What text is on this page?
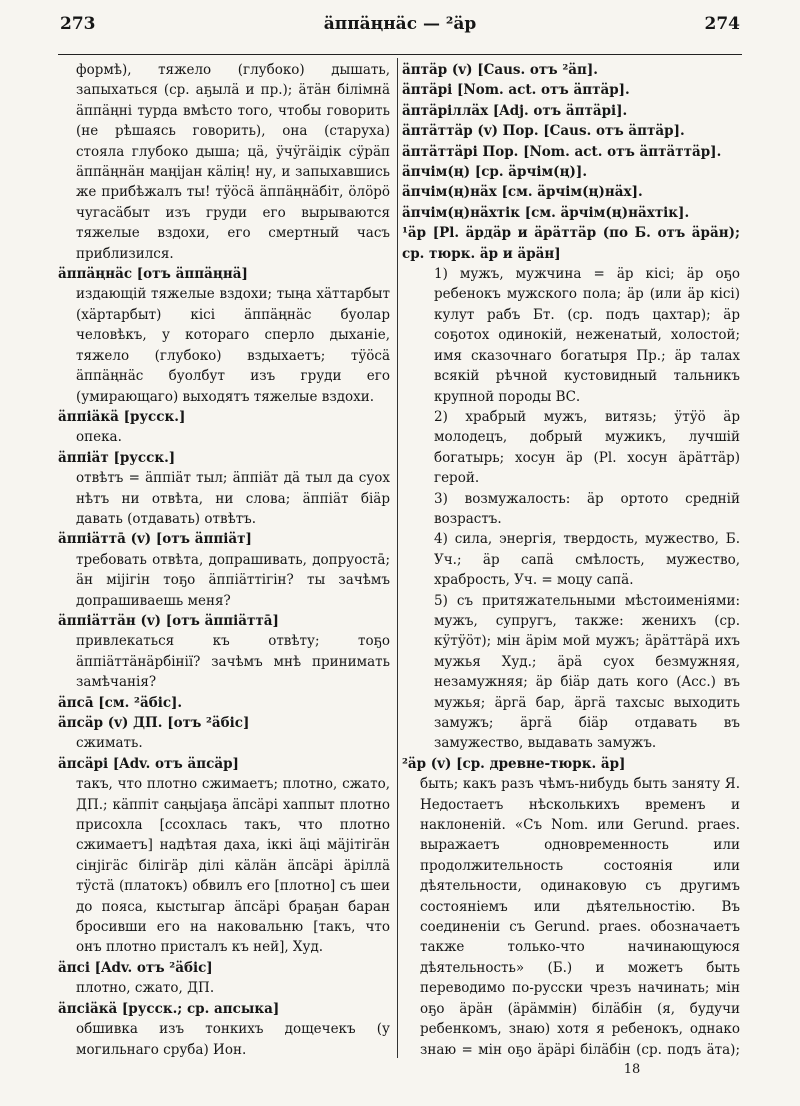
273	äппäңнäс — ²äр	274

формѣ), тяжело (глубоко) дышать, запыхаться (ср. аҕылä и пр.); äтäн бiлiмнä äппäңнi турда вмѣсто того, чтобы говорить (не рѣшаясь говорить), она (старуха) стояла глубоко дыша; цä, ӱчӱгäiдiк сӱрäп äппäңнäн маңiјан кäлiң! ну, и запыхавшись же прибѣжалъ ты! тӱöсä äппäңнäбiт, öлöрö чугасäбыт изъ груди его вырываются тяжелые вздохи, его смертный часъ приблизился.

äппäңнäс [отъ äппäңнä]

издающій тяжелые вздохи; тыңа хäттарбыт (хäртарбыт) кiсi äппäңнäс буолар человѣкъ, у котораго сперло дыханіе, тяжело (глубоко) вздыхаетъ; тӱöсä äппäңнäс буолбут изъ груди его (умирающаго) выходятъ тяжелые вздохи.

äппiäкä [русск.]

опека.

äппiäт [русск.]

отвѣтъ = äппiäт тыл; äппiäт дä тыл да суох нѣтъ ни отвѣта, ни слова; äппiäт бiäр давать (отдавать) отвѣтъ.

äппiäттā (v) [отъ äппiäт]

требовать отвѣта, допрашивать, допруостā; äн мiјiгiн тоҕо äппiäттiгiн? ты зачѣмъ допрашиваешь меня?

äппiäттäн (v) [отъ äппiäттā]

привлекаться къ отвѣту; тоҕо äппiäттäнäрбiнiї? зачѣмъ мнѣ принимать замѣчанія?

äпсā [см. ²äбiс].

äпсäр (v) ДП. [отъ ²äбiс]

сжимать.

äпсäрi [Adv. отъ äпсäр]

такъ, что плотно сжимаетъ; плотно, сжато, ДП.; кäппiт саңыјаҕа äпсäрi хаппыт плотно присохла [ссохлась такъ, что плотно сжимаетъ] надѣтая даха, iккi äцi мäјiтiгäн сiнјiгäс бiлiгäр дiлi кäлäн äпсäрi äрiллä тӱстä (платокъ) обвилъ его [плотно] съ шеи до пояса, кыстыгар äпсäрi браҕан баран бросивши его на наковальню [такъ, что онъ плотно присталъ къ ней], Худ.

äпсi [Adv. отъ ²äбiс]

плотно, сжато, ДП.

äпсiäкä [русск.; ср. апсыка]

обшивка изъ тонкихъ дощечекъ (у могильнаго сруба) Ион.

äптäр (v) [Caus. отъ ²äп].

äптäрi [Nom. act. отъ äптäр].

äптäрiллäх [Adj. отъ äптäрi].

äптäттäр (v) Пор. [Caus. отъ äптäр].

äптäттäрi Пор. [Nom. act. отъ äптäттäр].

äпчiм(ң) [ср. äрчiм(ң)].

äпчiм(ң)нäх [см. äрчiм(ң)нäх].

äпчiм(ң)нäхтiк [см. äрчiм(ң)нäхтiк].

¹äр [Pl. äрдäр и äрäттäр (по Б. отъ äрäн); ср. тюрк. äр и äрäн]

1) мужъ, мужчина = äр кiсi; äр оҕо ребенокъ мужского пола; äр (или äр кiсi) кулут рабъ Бт. (ср. подъ цахтар); äр соҕотох одинокій, неженатый, холостой; имя сказочнаго богатыря Пр.; äр талах всякій рѣчной кустовидный тальникъ крупной породы ВС.

2) храбрый мужъ, витязь; ӱтӱö äр молодецъ, добрый мужикъ, лучшій богатырь; хосун äр (Pl. хосун äрäттäр) герой.

3) возмужалость: äр ортото средній возрастъ.

4) сила, энергія, твердость, мужество, Б. Уч.; äр сапä смѣлость, мужество, храбрость, Уч. = моцу сапä.

5) съ притяжательными мѣстоименіями: мужъ, супругъ, также: женихъ (ср. кӱтӱöт); мiн äрiм мой мужъ; äрäттäрä ихъ мужья Худ.; äрä суох безмужняя, незамужняя; äр бiäр дать кого (Acc.) въ мужья; äргä бар, äргä тахсыс выходить замужъ; äргä бiäр отдавать въ замужество, выдавать замужъ.

²äр (v) [ср. древне-тюрк. äр]

быть; какъ разъ чѣмъ-нибудь быть заняту Я. Недостаетъ нѣсколькихъ временъ и наклоненій. «Съ Nom. или Gerund. praes. выражаетъ одновременность или продолжительность состоянія или дѣятельности, одинаковую съ другимъ состояніемъ или дѣятельностію. Въ соединеніи съ Gerund. praes. обозначаетъ также только-что начинающуюся дѣятельность» (Б.) и можетъ быть переводимо по-русски чрезъ начинать; мiн оҕо äрäн (äрäммiн) бiлäбiн (я, будучи ребенкомъ, знаю) хотя я ребенокъ, однако знаю = мiн оҕо äрäрi бiлäбiн (ср. подъ äта);

18
